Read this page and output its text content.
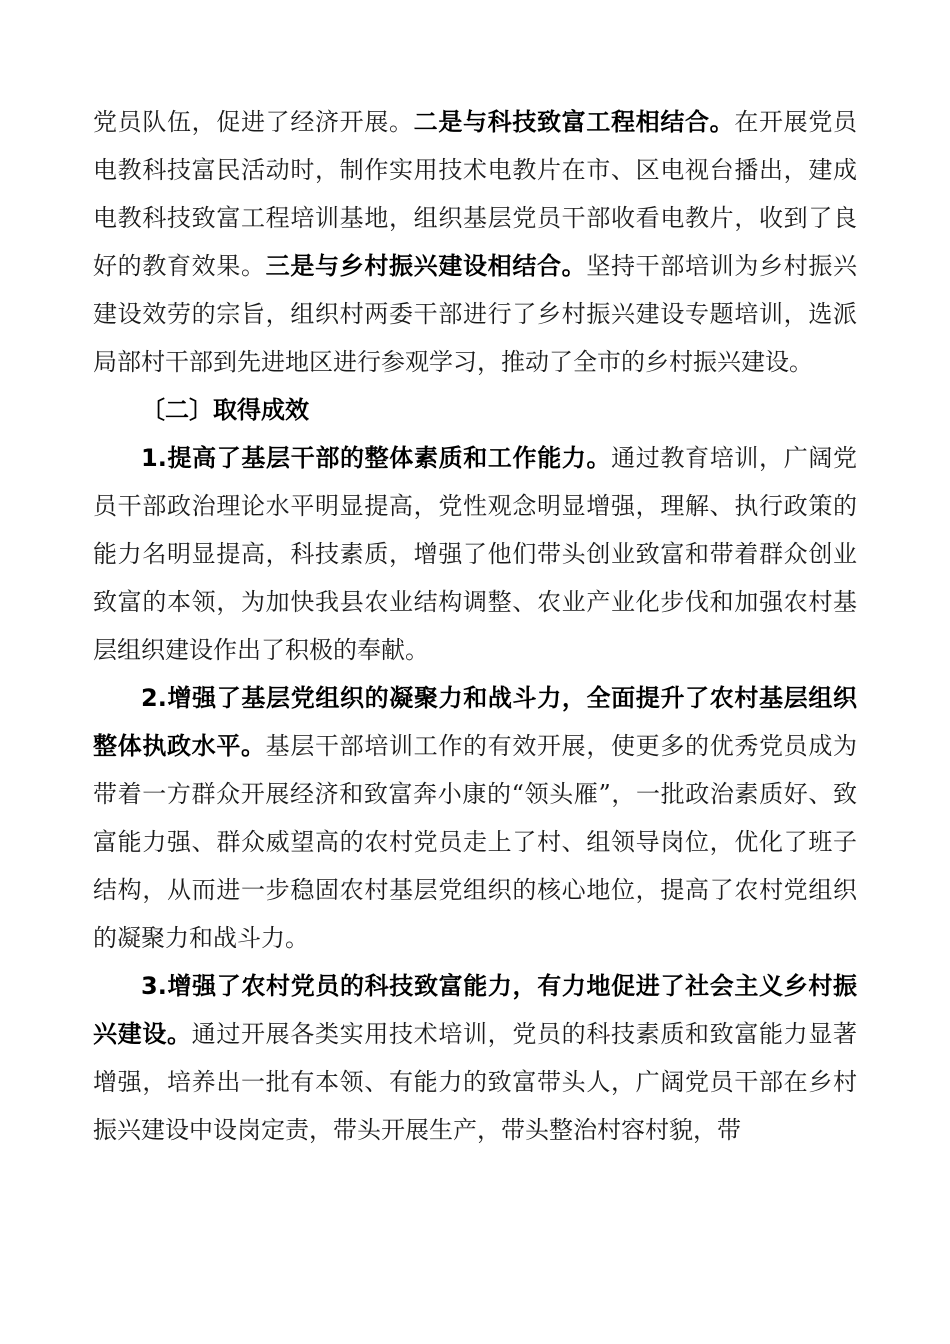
党员队伍，促进了经济开展。二是与科技致富工程相结合。在开展党员电教科技富民活动时，制作实用技术电教片在市、区电视台播出，建成电教科技致富工程培训基地，组织基层党员干部收看电教片，收到了良好的教育效果。三是与乡村振兴建设相结合。坚持干部培训为乡村振兴建设效劳的宗旨，组织村两委干部进行了乡村振兴建设专题培训，选派局部村干部到先进地区进行参观学习，推动了全市的乡村振兴建设。

〔二〕取得成效

1.提高了基层干部的整体素质和工作能力。通过教育培训，广阔党员干部政治理论水平明显提高，党性观念明显增强，理解、执行政策的能力名明显提高，科技素质，增强了他们带头创业致富和带着群众创业致富的本领，为加快我县农业结构调整、农业产业化步伐和加强农村基层组织建设作出了积极的奉献。

2.增强了基层党组织的凝聚力和战斗力，全面提升了农村基层组织整体执政水平。基层干部培训工作的有效开展，使更多的优秀党员成为带着一方群众开展经济和致富奔小康的“领头雁”，一批政治素质好、致富能力强、群众威望高的农村党员走上了村、组领导岗位，优化了班子结构，从而进一步稳固农村基层党组织的核心地位，提高了农村党组织的凝聚力和战斗力。

3.增强了农村党员的科技致富能力，有力地促进了社会主义乡村振兴建设。通过开展各类实用技术培训，党员的科技素质和致富能力显著增强，培养出一批有本领、有能力的致富带头人，广阔党员干部在乡村振兴建设中设岗定责，带头开展生产，带头整治村容村貌，带
